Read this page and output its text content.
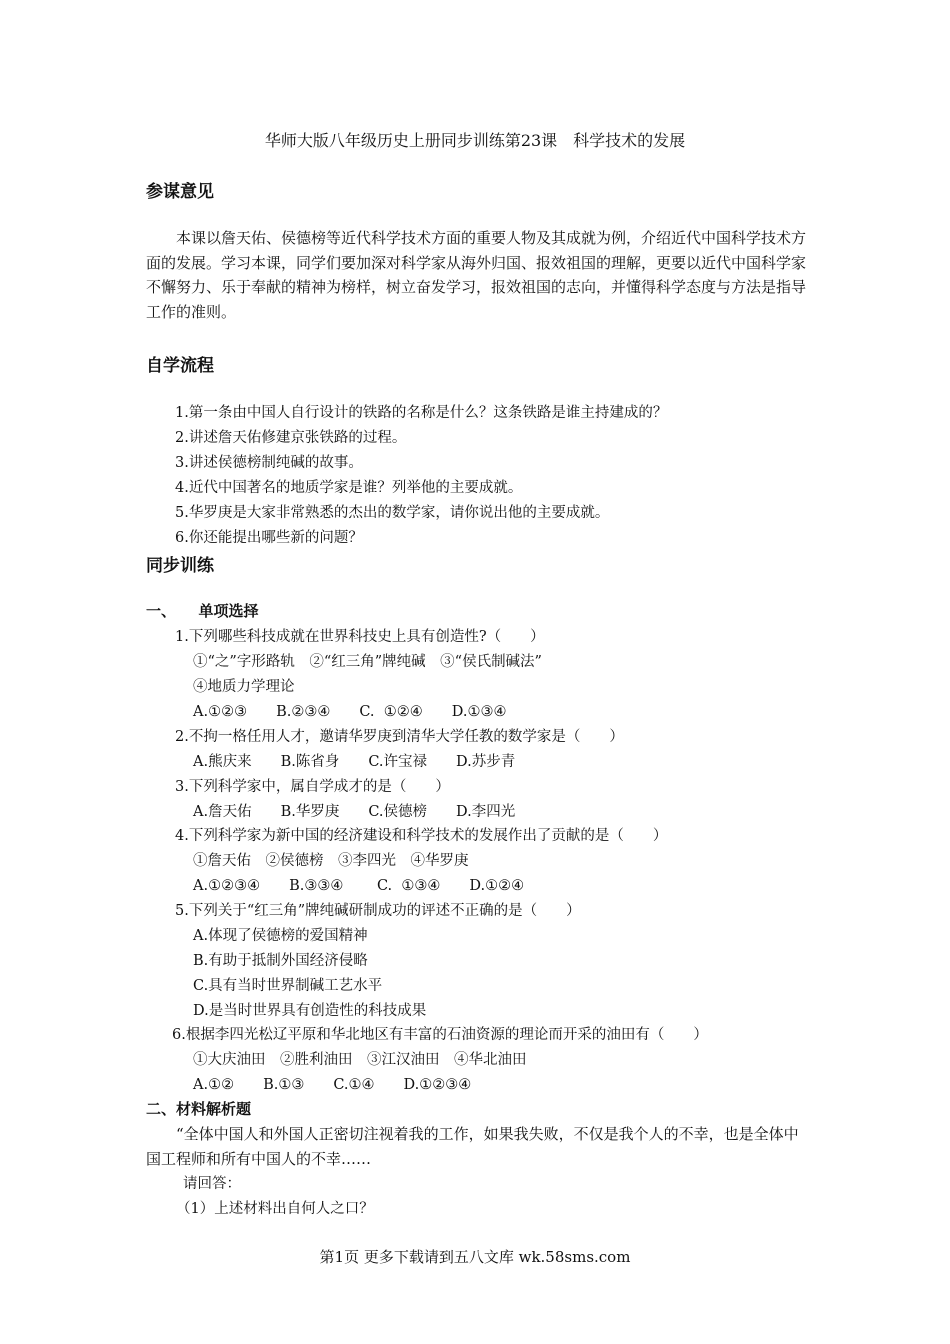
华师大版八年级历史上册同步训练第23课　科学技术的发展
参谋意见

本课以詹天佑、侯德榜等近代科学技术方面的重要人物及其成就为例，介绍近代中国科学技术方面的发展。学习本课，同学们要加深对科学家从海外归国、报效祖国的理解，更要以近代中国科学家不懈努力、乐于奉献的精神为榜样，树立奋发学习，报效祖国的志向，并懂得科学态度与方法是指导工作的准则。

自学流程
1.第一条由中国人自行设计的铁路的名称是什么？这条铁路是谁主持建成的？
2.讲述詹天佑修建京张铁路的过程。
3.讲述侯德榜制纯碱的故事。
4.近代中国著名的地质学家是谁？列举他的主要成就。
5.华罗庚是大家非常熟悉的杰出的数学家，请你说出他的主要成就。
6.你还能提出哪些新的问题？
同步训练
一、　　单项选择
1.下列哪些科技成就在世界科技史上具有创造性?（　　）
①“之”字形路轨　②“红三角”牌纯碱　③“侯氏制碱法”
④地质力学理论
A.①②③　　B.②③④　　C.  ①②④　　D.①③④
2.不拘一格任用人才，邀请华罗庚到清华大学任教的数学家是（　　）
A.熊庆来　　B.陈省身　　C.许宝禄　　D.苏步青
3.下列科学家中，属自学成才的是（　　）
A.詹天佑　　B.华罗庚　　C.侯德榜　　D.李四光
4.下列科学家为新中国的经济建设和科学技术的发展作出了贡献的是（　　）
①詹天佑　②侯德榜　③李四光　④华罗庚
A.①②③④　　B.③③④　　 C.  ①③④　　D.①②④
5.下列关于“红三角”牌纯碱研制成功的评述不正确的是（　　）
A.体现了侯德榜的爱国精神
B.有助于抵制外国经济侵略
C.具有当时世界制碱工艺水平
D.是当时世界具有创造性的科技成果
6.根据李四光松辽平原和华北地区有丰富的石油资源的理论而开采的油田有（　　）
①大庆油田　②胜利油田　③江汉油田　④华北油田
A.①②　　B.①③　　C.①④　　D.①②③④
二、材料解析题

“全体中国人和外国人正密切注视着我的工作，如果我失败，不仅是我个人的不幸，也是全体中国工程师和所有中国人的不幸……

请回答：
（1）上述材料出自何人之口？
第1页 更多下载请到五八文库 wk.58sms.com
